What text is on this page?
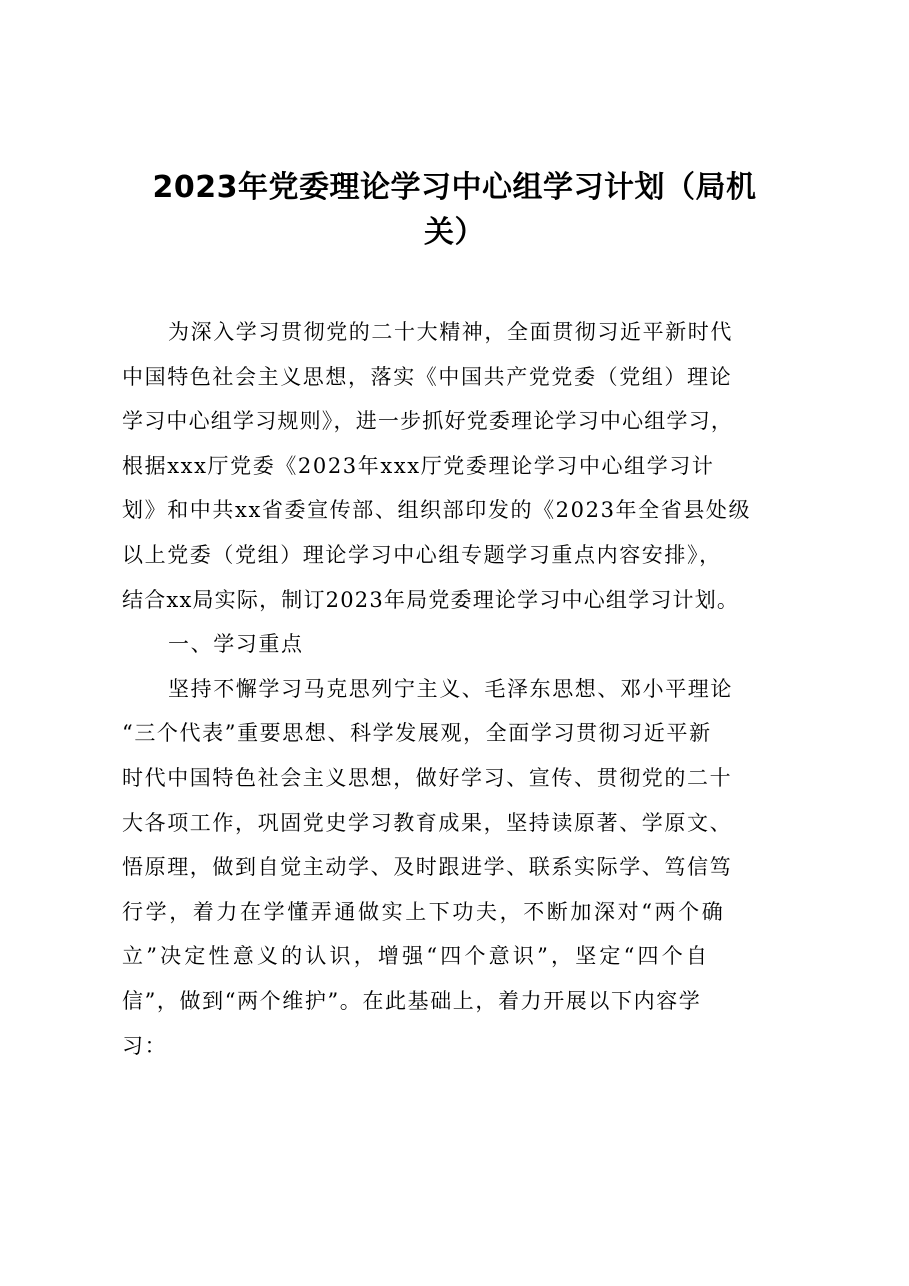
2023年党委理论学习中心组学习计划（局机
关）
为深入学习贯彻党的二十大精神，全面贯彻习近平新时代
中国特色社会主义思想，落实《中国共产党党委（党组）理论
学习中心组学习规则》，进一步抓好党委理论学习中心组学习，
根据xxx厅党委《2023年xxx厅党委理论学习中心组学习计
划》和中共xx省委宣传部、组织部印发的《2023年全省县处级
以上党委（党组）理论学习中心组专题学习重点内容安排》，
结合xx局实际，制订2023年局党委理论学习中心组学习计划。
一、学习重点
坚持不懈学习马克思列宁主义、毛泽东思想、邓小平理论
“三个代表”重要思想、科学发展观，全面学习贯彻习近平新
时代中国特色社会主义思想，做好学习、宣传、贯彻党的二十
大各项工作，巩固党史学习教育成果，坚持读原著、学原文、
悟原理，做到自觉主动学、及时跟进学、联系实际学、笃信笃
行学，着力在学懂弄通做实上下功夫，不断加深对“两个确
立”决定性意义的认识，增强“四个意识”，坚定“四个自
信”，做到“两个维护”。在此基础上，着力开展以下内容学
习：
